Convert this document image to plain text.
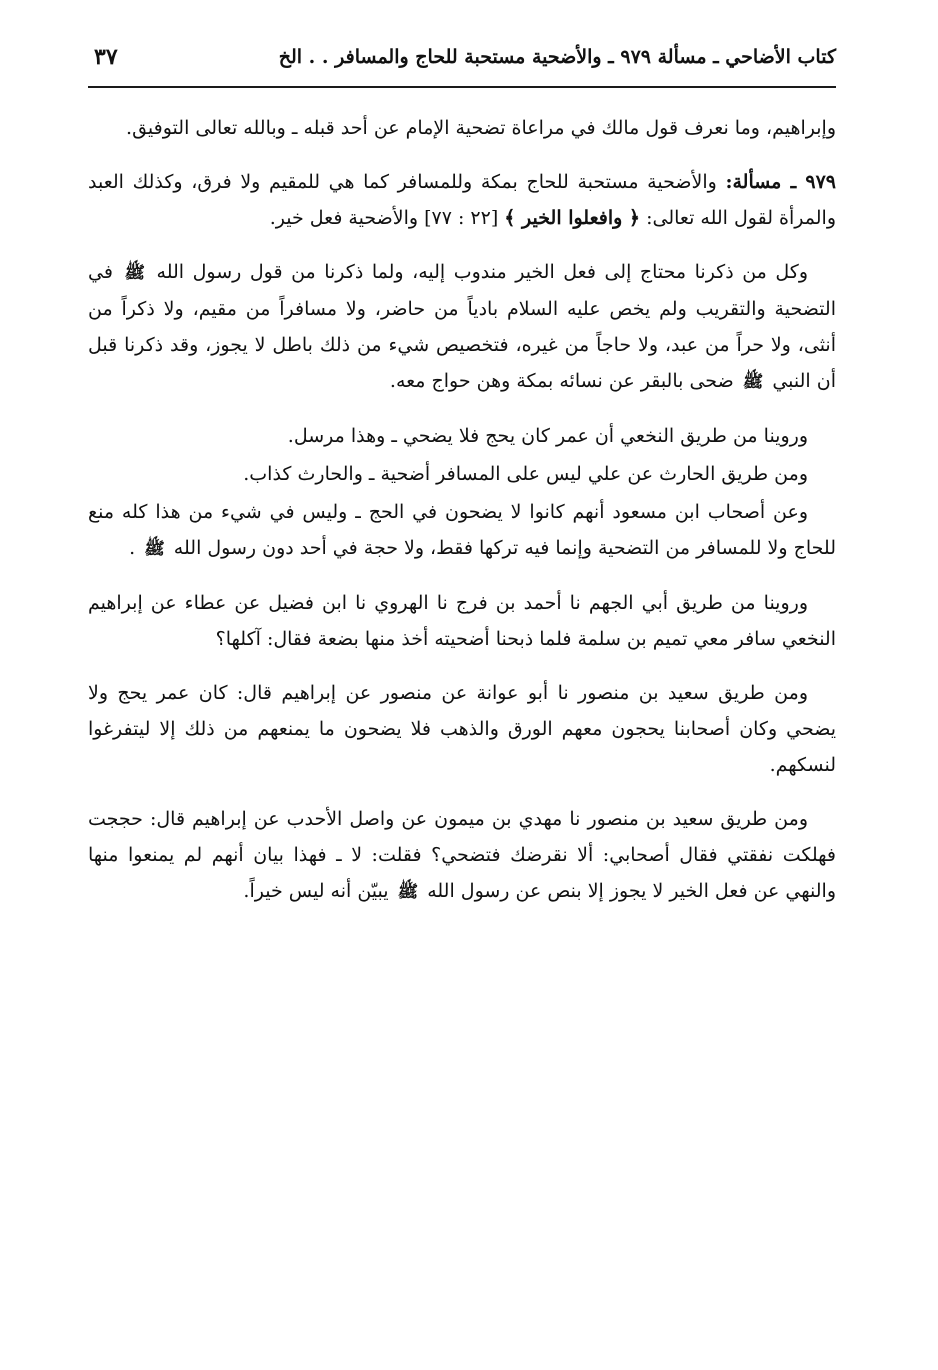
كتاب الأضاحي ـ مسألة ٩٧٩ ـ والأضحية مستحبة للحاج والمسافر . . الخ
٣٧

وإبراهيم، وما نعرف قول مالك في مراعاة تضحية الإمام عن أحد قبله ـ وبالله تعالى التوفيق.

٩٧٩ ـ مسألة: والأضحية مستحبة للحاج بمكة وللمسافر كما هي للمقيم ولا فرق، وكذلك العبد والمرأة لقول الله تعالى: ﴿ وافعلوا الخير ﴾ [٢٢ : ٧٧] والأضحية فعل خير.

وكل من ذكرنا محتاج إلى فعل الخير مندوب إليه، ولما ذكرنا من قول رسول الله ﷺ في التضحية والتقريب ولم يخص عليه السلام بادياً من حاضر، ولا مسافراً من مقيم، ولا ذكراً من أنثى، ولا حراً من عبد، ولا حاجاً من غيره، فتخصيص شيء من ذلك باطل لا يجوز، وقد ذكرنا قبل أن النبي ﷺ ضحى بالبقر عن نسائه بمكة وهن حواج معه.

وروينا من طريق النخعي أن عمر كان يحج فلا يضحي ـ وهذا مرسل.

ومن طريق الحارث عن علي ليس على المسافر أضحية ـ والحارث كذاب.

وعن أصحاب ابن مسعود أنهم كانوا لا يضحون في الحج ـ وليس في شيء من هذا كله منع للحاج ولا للمسافر من التضحية وإنما فيه تركها فقط، ولا حجة في أحد دون رسول الله ﷺ .

وروينا من طريق أبي الجهم نا أحمد بن فرج نا الهروي نا ابن فضيل عن عطاء عن إبراهيم النخعي سافر معي تميم بن سلمة فلما ذبحنا أضحيته أخذ منها بضعة فقال: آكلها؟

ومن طريق سعيد بن منصور نا أبو عوانة عن منصور عن إبراهيم قال: كان عمر يحج ولا يضحي وكان أصحابنا يحجون معهم الورق والذهب فلا يضحون ما يمنعهم من ذلك إلا ليتفرغوا لنسكهم.

ومن طريق سعيد بن منصور نا مهدي بن ميمون عن واصل الأحدب عن إبراهيم قال: حججت فهلكت نفقتي فقال أصحابي: ألا نقرضك فتضحي؟ فقلت: لا ـ فهذا بيان أنهم لم يمنعوا منها والنهي عن فعل الخير لا يجوز إلا بنص عن رسول الله ﷺ يبيّن أنه ليس خيراً.
